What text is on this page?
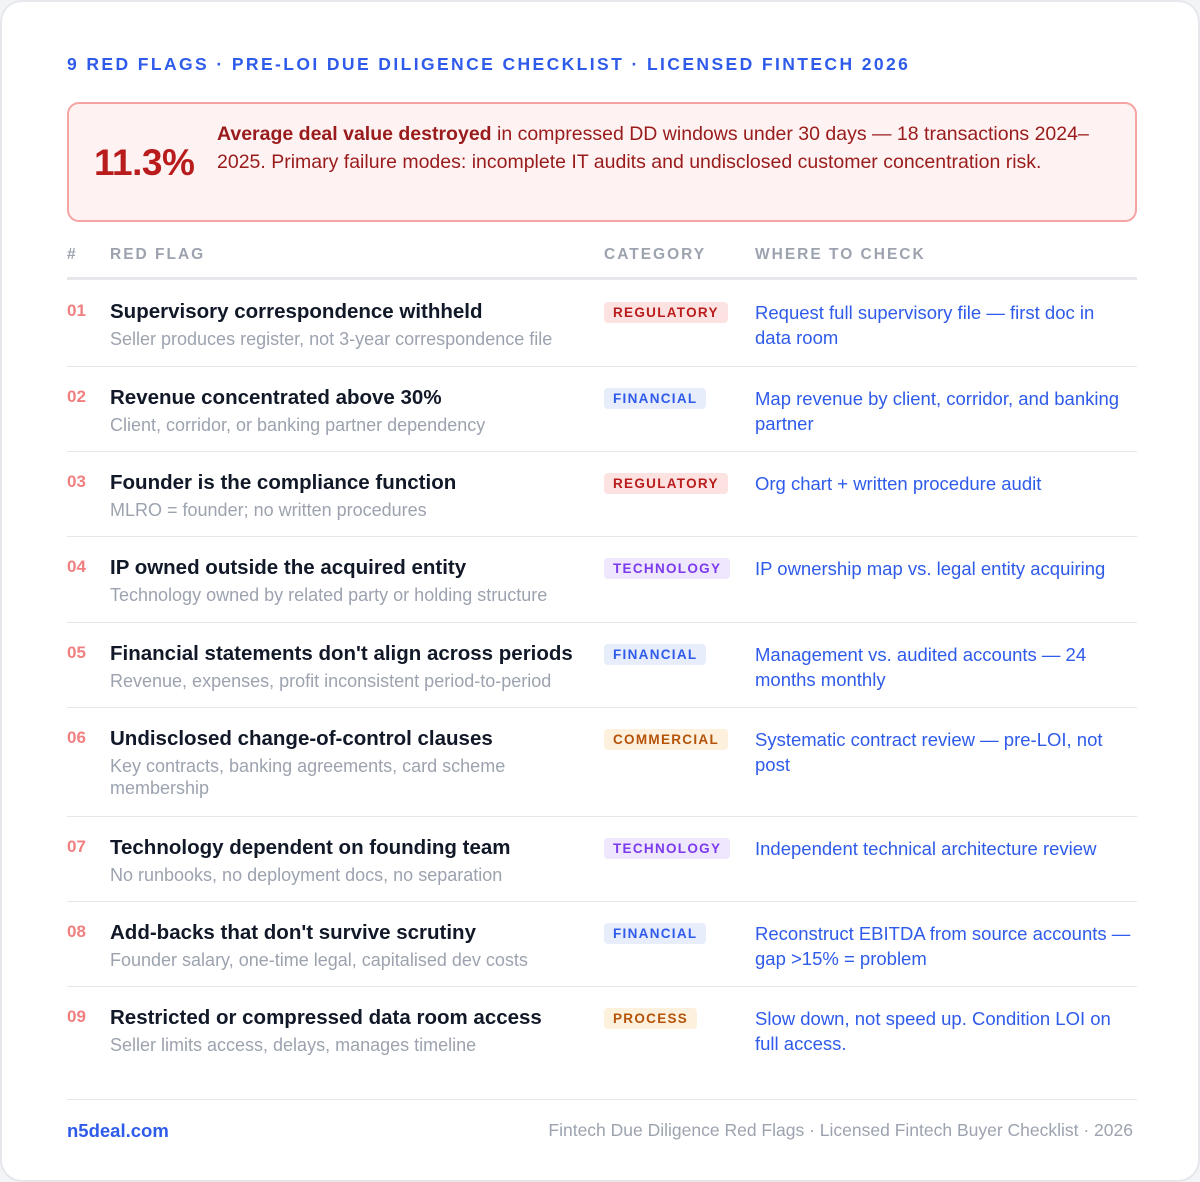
9 RED FLAGS · PRE-LOI DUE DILIGENCE CHECKLIST · LICENSED FINTECH 2026
11.3%
Average deal value destroyed in compressed DD windows under 30 days — 18 transactions 2024–2025. Primary failure modes: incomplete IT audits and undisclosed customer concentration risk.
# RED FLAG	CATEGORY	WHERE TO CHECK
01 Supervisory correspondence withheld
Seller produces register, not 3-year correspondence file
REGULATORY	Request full supervisory file — first doc in data room
02 Revenue concentrated above 30%
Client, corridor, or banking partner dependency
FINANCIAL	Map revenue by client, corridor, and banking partner
03 Founder is the compliance function
MLRO = founder; no written procedures
REGULATORY	Org chart + written procedure audit
04 IP owned outside the acquired entity
Technology owned by related party or holding structure
TECHNOLOGY	IP ownership map vs. legal entity acquiring
05 Financial statements don't align across periods
Revenue, expenses, profit inconsistent period-to-period
FINANCIAL	Management vs. audited accounts — 24 months monthly
06 Undisclosed change-of-control clauses
Key contracts, banking agreements, card scheme membership
COMMERCIAL	Systematic contract review — pre-LOI, not post
07 Technology dependent on founding team
No runbooks, no deployment docs, no separation
TECHNOLOGY	Independent technical architecture review
08 Add-backs that don't survive scrutiny
Founder salary, one-time legal, capitalised dev costs
FINANCIAL	Reconstruct EBITDA from source accounts — gap >15% = problem
09 Restricted or compressed data room access
Seller limits access, delays, manages timeline
PROCESS	Slow down, not speed up. Condition LOI on full access.
n5deal.com	Fintech Due Diligence Red Flags · Licensed Fintech Buyer Checklist · 2026
